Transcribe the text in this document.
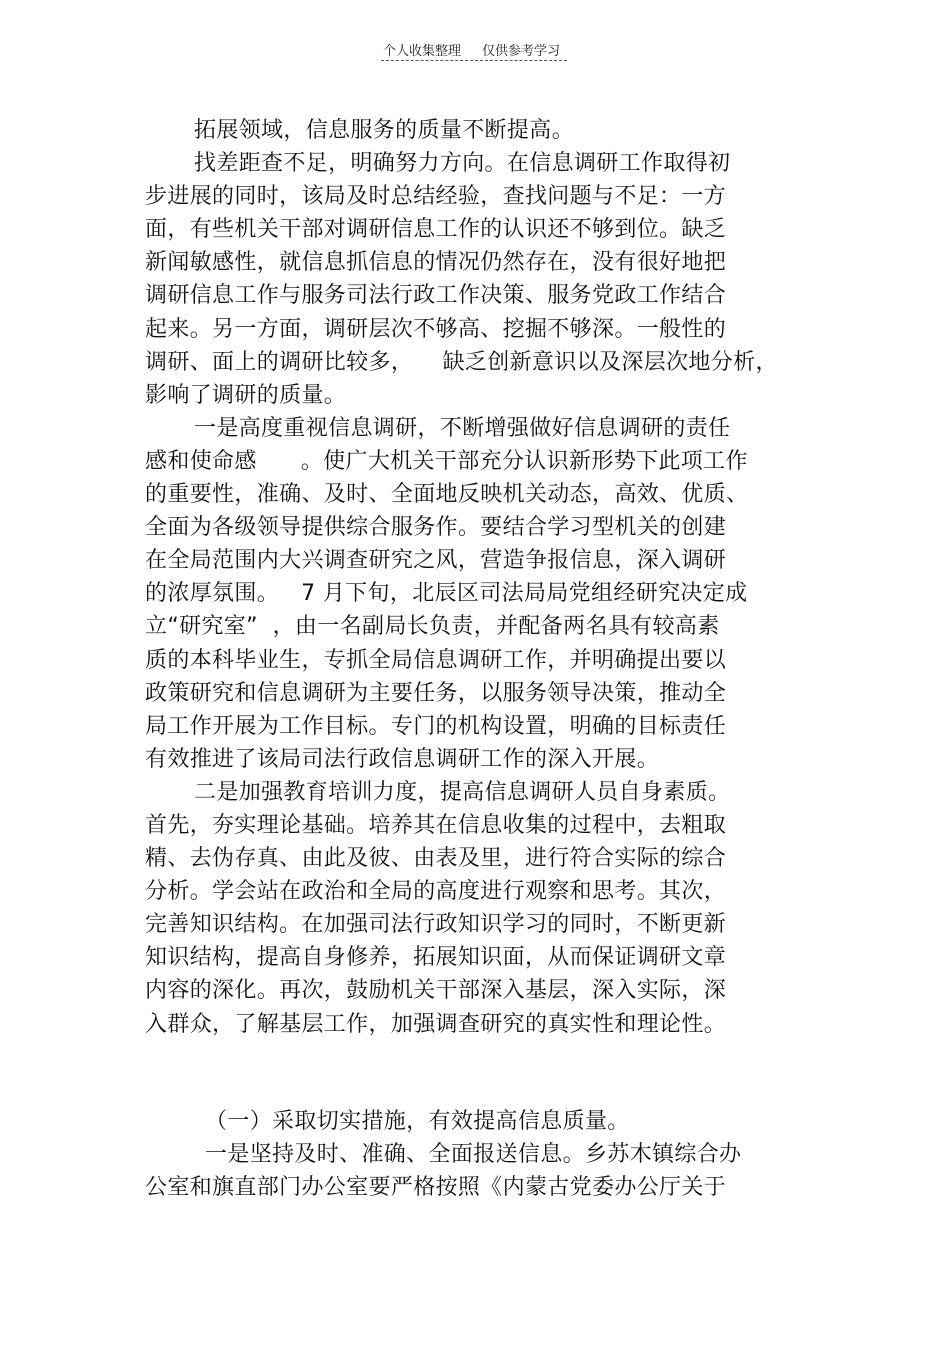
个人收集整理 仅供参考学习
拓展领域，信息服务的质量不断提高。
找差距查不足，明确努力方向。在信息调研工作取得初
步进展的同时，该局及时总结经验，查找问题与不足：一方
面，有些机关干部对调研信息工作的认识还不够到位。缺乏
新闻敏感性，就信息抓信息的情况仍然存在，没有很好地把
调研信息工作与服务司法行政工作决策、服务党政工作结合
起来。另一方面，调研层次不够高、挖掘不够深。一般性的
调研、面上的调研比较多，    缺乏创新意识以及深层次地分析，
影响了调研的质量。
一是高度重视信息调研，不断增强做好信息调研的责任
感和使命感      。使广大机关干部充分认识新形势下此项工作
的重要性，准确、及时、全面地反映机关动态，高效、优质、
全面为各级领导提供综合服务作。要结合学习型机关的创建
在全局范围内大兴调查研究之风，营造争报信息，深入调研
的浓厚氛围。   7 月下旬，北辰区司法局局党组经研究决定成
立“研究室”  ，由一名副局长负责，并配备两名具有较高素
质的本科毕业生，专抓全局信息调研工作，并明确提出要以
政策研究和信息调研为主要任务，以服务领导决策，推动全
局工作开展为工作目标。专门的机构设置，明确的目标责任
有效推进了该局司法行政信息调研工作的深入开展。
二是加强教育培训力度，提高信息调研人员自身素质。
首先，夯实理论基础。培养其在信息收集的过程中，去粗取
精、去伪存真、由此及彼、由表及里，进行符合实际的综合
分析。学会站在政治和全局的高度进行观察和思考。其次，
完善知识结构。在加强司法行政知识学习的同时，不断更新
知识结构，提高自身修养，拓展知识面，从而保证调研文章
内容的深化。再次，鼓励机关干部深入基层，深入实际，深
入群众，了解基层工作，加强调查研究的真实性和理论性。
（一）采取切实措施，有效提高信息质量。
一是坚持及时、准确、全面报送信息。乡苏木镇综合办
公室和旗直部门办公室要严格按照《内蒙古党委办公厅关于
